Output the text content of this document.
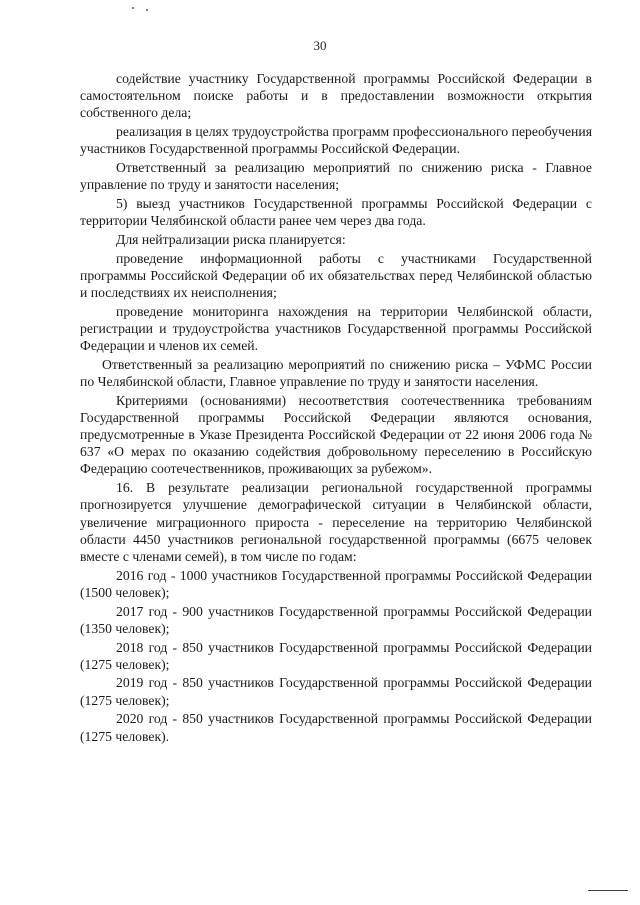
30

содействие участнику Государственной программы Российской Федерации в самостоятельном поиске работы и в предоставлении возможности открытия собственного дела;

реализация в целях трудоустройства программ профессионального переобучения участников Государственной программы Российской Федерации.

Ответственный за реализацию мероприятий по снижению риска - Главное управление по труду и занятости населения;

5) выезд участников Государственной программы Российской Федерации с территории Челябинской области ранее чем через два года.

Для нейтрализации риска планируется:

проведение информационной работы с участниками Государственной программы Российской Федерации об их обязательствах перед Челябинской областью и последствиях их неисполнения;

проведение мониторинга нахождения на территории Челябинской области, регистрации и трудоустройства участников Государственной программы Российской Федерации и членов их семей.

Ответственный за реализацию мероприятий по снижению риска – УФМС России по Челябинской области, Главное управление по труду и занятости населения.

Критериями (основаниями) несоответствия соотечественника требованиям Государственной программы Российской Федерации являются основания, предусмотренные в Указе Президента Российской Федерации от 22 июня 2006 года № 637 «О мерах по оказанию содействия добровольному переселению в Российскую Федерацию соотечественников, проживающих за рубежом».

16. В результате реализации региональной государственной программы прогнозируется улучшение демографической ситуации в Челябинской области, увеличение миграционного прироста - переселение на территорию Челябинской области 4450 участников региональной государственной программы (6675 человек вместе с членами семей), в том числе по годам:

2016 год - 1000 участников Государственной программы Российской Федерации (1500 человек);

2017 год - 900 участников Государственной программы Российской Федерации (1350 человек);

2018 год - 850 участников Государственной программы Российской Федерации (1275 человек);

2019 год - 850 участников Государственной программы Российской Федерации (1275 человек);

2020 год - 850 участников Государственной программы Российской Федерации (1275 человек).
